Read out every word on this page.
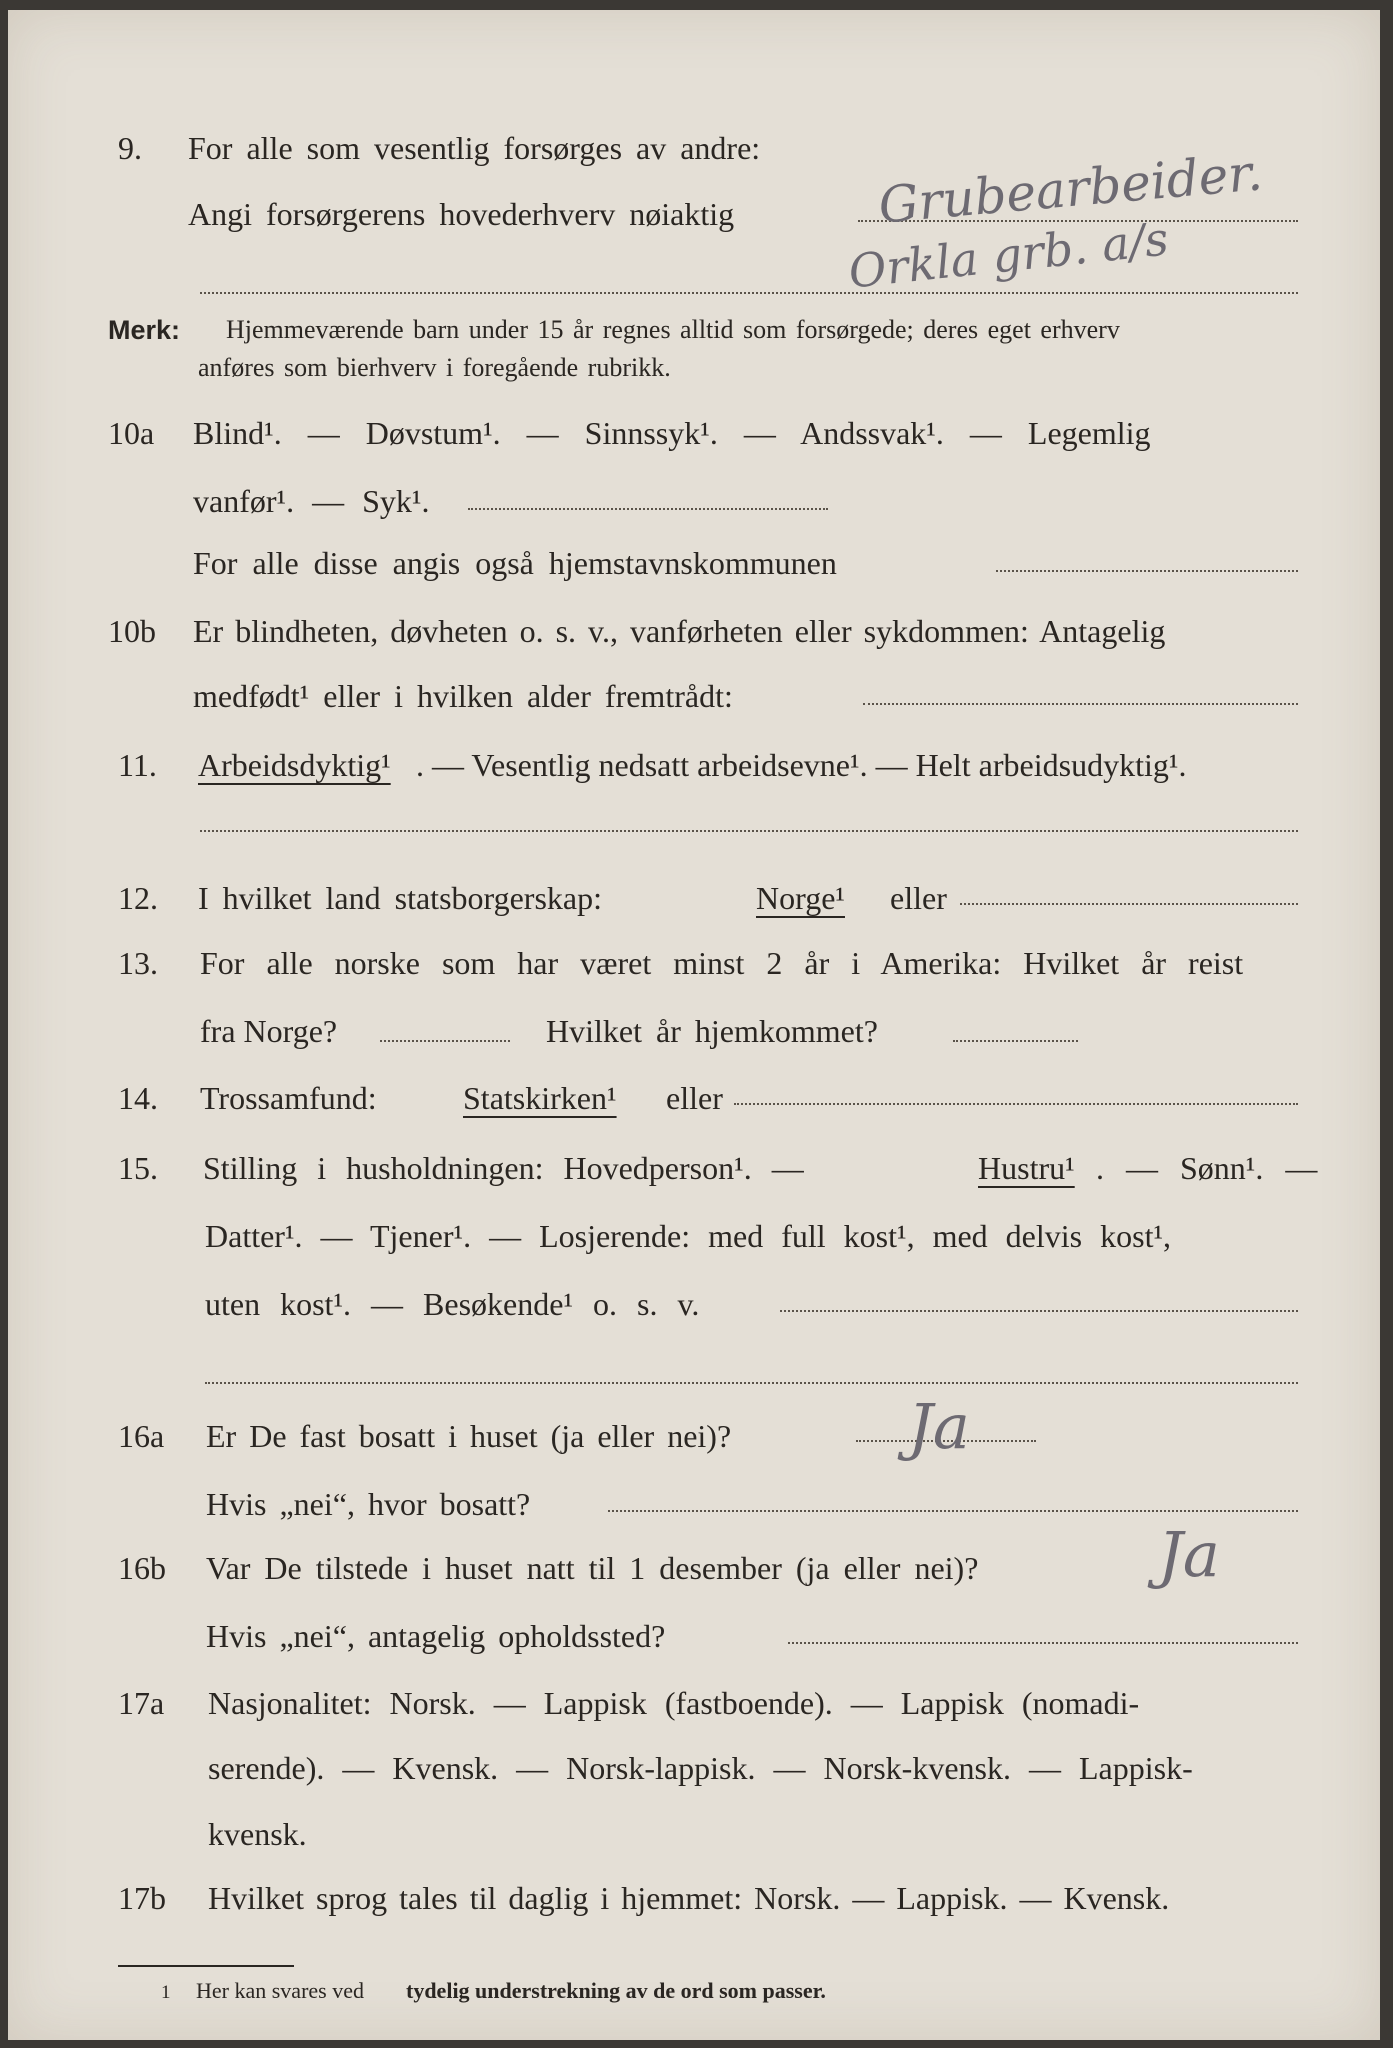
9. For alle som vesentlig forsørges av andre:
Angi forsørgerens hovederhverv nøiaktig	Grubearbeider.
Orkla grb. a/s
Merk: Hjemmeværende barn under 15 år regnes alltid som forsørgede; deres eget erhverv
anføres som bierhverv i foregående rubrikk.
10a Blind¹. — Døvstum¹. — Sinnssyk¹. — Andssvak¹. — Legemlig
vanfør¹. — Syk¹.
For alle disse angis også hjemstavnskommunen
10b Er blindheten, døvheten o. s. v., vanførheten eller sykdommen: Antagelig
medfødt¹ eller i hvilken alder fremtrådt:
11. Arbeidsdyktig¹ . — Vesentlig nedsatt arbeidsevne¹. — Helt arbeidsudyktig¹.
12. I hvilket land statsborgerskap:	Norge¹ eller
13. For alle norske som har været minst 2 år i Amerika: Hvilket år reist
fra Norge?	Hvilket år hjemkommet?
14. Trossamfund:	Statskirken¹ eller
15. Stilling i husholdningen: Hovedperson¹. —	Hustru¹ . — Sønn¹. —
Datter¹. — Tjener¹. — Losjerende: med full kost¹, med delvis kost¹,
uten kost¹. — Besøkende¹ o. s. v.
16a Er De fast bosatt i huset (ja eller nei)?	Ja
Hvis „nei“, hvor bosatt?
16b Var De tilstede i huset natt til 1 desember (ja eller nei)?	Ja
Hvis „nei“, antagelig opholdssted?
17a Nasjonalitet: Norsk. — Lappisk (fastboende). — Lappisk (nomadi-
serende). — Kvensk. — Norsk-lappisk. — Norsk-kvensk. — Lappisk-
kvensk.
17b Hvilket sprog tales til daglig i hjemmet: Norsk. — Lappisk. — Kvensk.
1 Her kan svares ved tydelig understrekning av de ord som passer.
